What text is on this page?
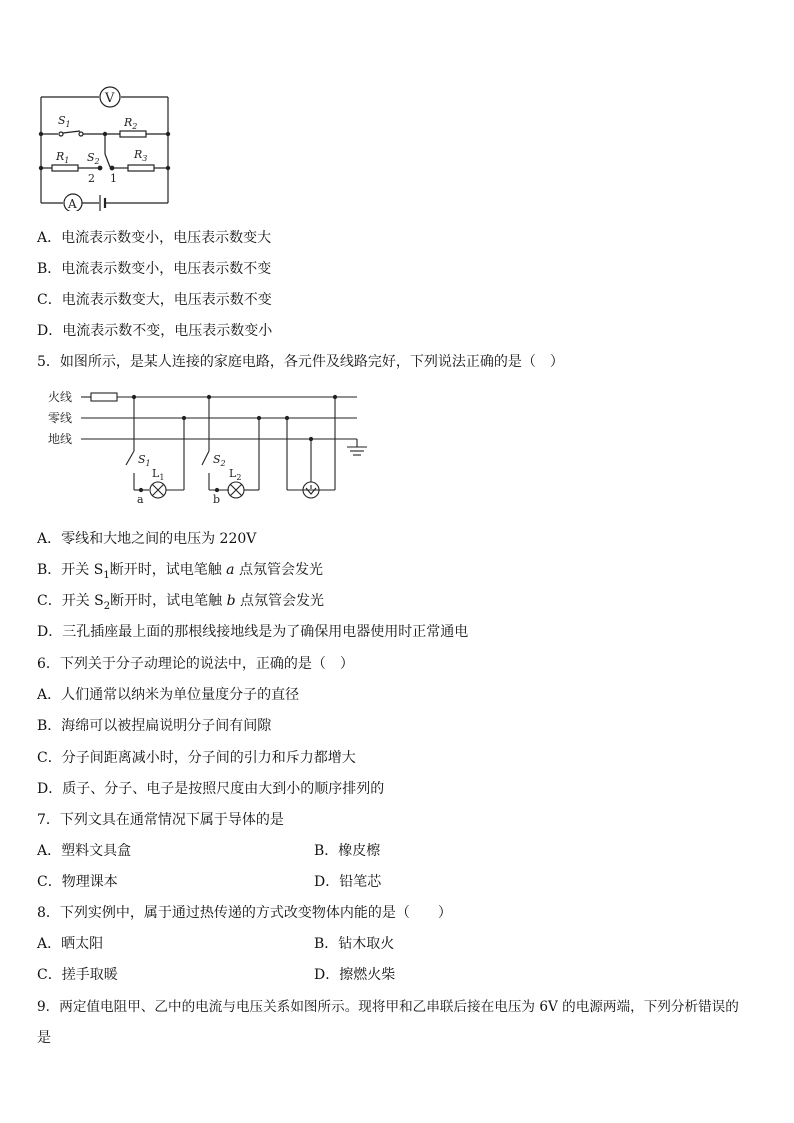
V
$S_1$	$R_2$
$R_1$ $S_2$
$R_3$
2 1
A
A．电流表示数变小，电压表示数变大
B．电流表示数变小，电压表示数不变
C．电流表示数变大，电压表示数不变
D．电流表示数不变，电压表示数变小
5．如图所示，是某人连接的家庭电路，各元件及线路完好，下列说法正确的是（　）
火线
零线
地线
$S_1$
$L_1$
a
$S_2$
$L_2$
b
A．零线和大地之间的电压为 220V
B．开关 $S_1$断开时，试电笔触 a 点氖管会发光
C．开关 $S_2$断开时，试电笔触 b 点氖管会发光
D．三孔插座最上面的那根线接地线是为了确保用电器使用时正常通电
6．下列关于分子动理论的说法中，正确的是（　）
A．人们通常以纳米为单位量度分子的直径
B．海绵可以被捏扁说明分子间有间隙
C．分子间距离减小时，分子间的引力和斥力都增大
D．质子、分子、电子是按照尺度由大到小的顺序排列的
7．下列文具在通常情况下属于导体的是
A．塑料文具盒	B．橡皮檫
C．物理课本	D．铅笔芯
8．下列实例中，属于通过热传递的方式改变物体内能的是（　　）
A．晒太阳	B．钻木取火
C．搓手取暖	D．擦燃火柴
9．两定值电阻甲、乙中的电流与电压关系如图所示。现将甲和乙串联后接在电压为 6V 的电源两端，下列分析错误的
是
